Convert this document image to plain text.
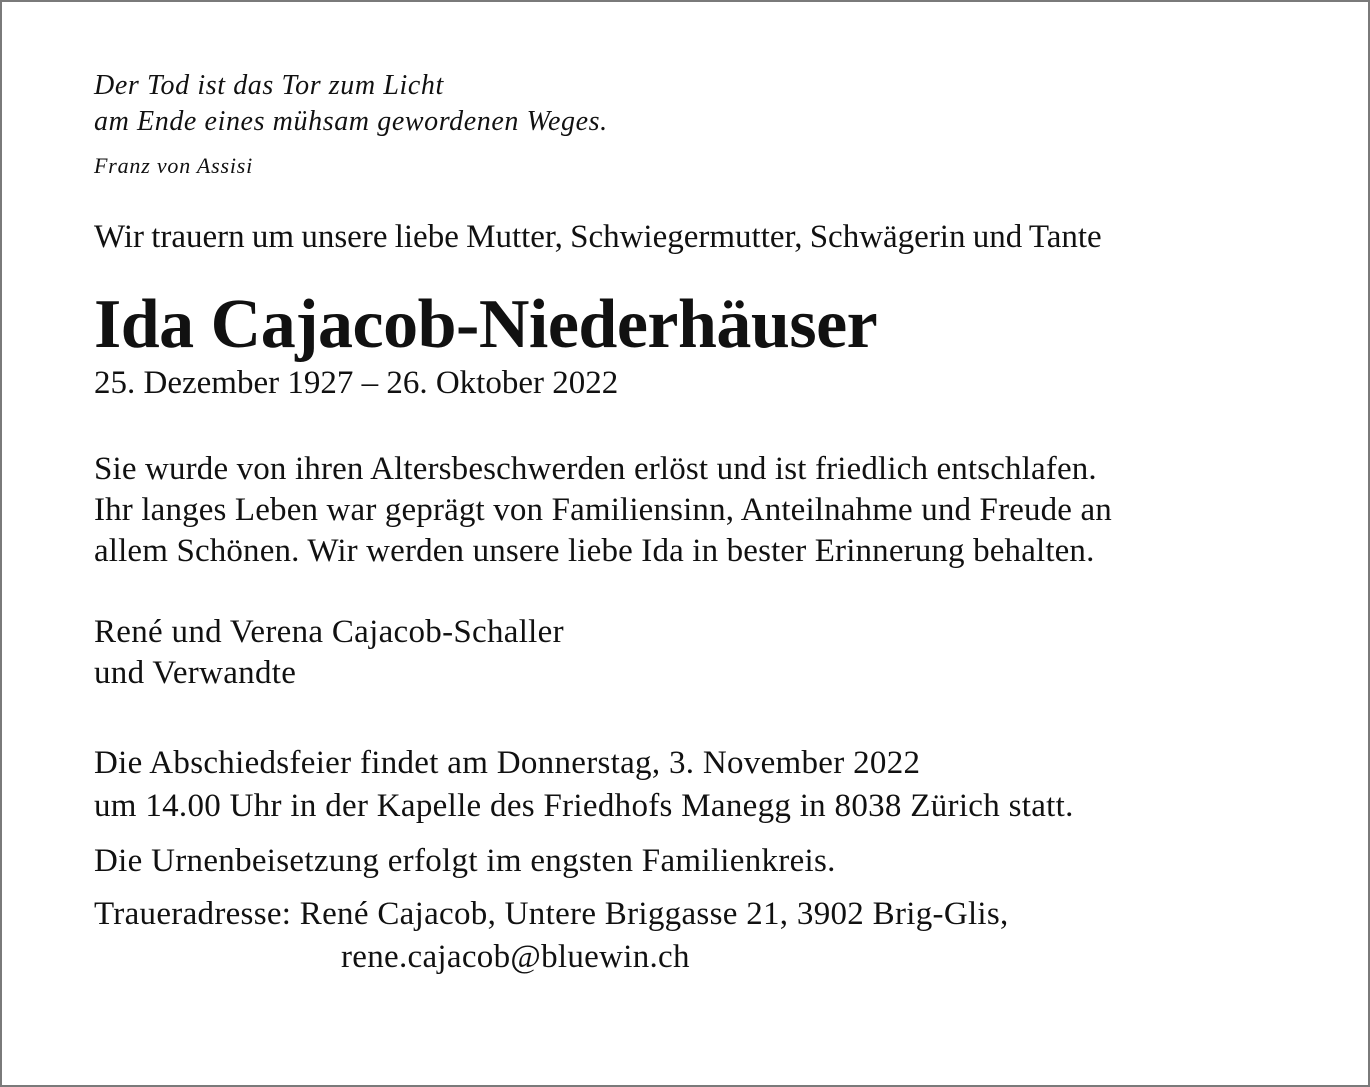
Der Tod ist das Tor zum Licht
am Ende eines mühsam gewordenen Weges.
Franz von Assisi
Wir trauern um unsere liebe Mutter, Schwiegermutter, Schwägerin und Tante
Ida Cajacob-Niederhäuser
25. Dezember 1927 – 26. Oktober 2022
Sie wurde von ihren Altersbeschwerden erlöst und ist friedlich entschlafen.
Ihr langes Leben war geprägt von Familiensinn, Anteilnahme und Freude an
allem Schönen. Wir werden unsere liebe Ida in bester Erinnerung behalten.
René und Verena Cajacob-Schaller
und Verwandte
Die Abschiedsfeier findet am Donnerstag, 3. November 2022
um 14.00 Uhr in der Kapelle des Friedhofs Manegg in 8038 Zürich statt.
Die Urnenbeisetzung erfolgt im engsten Familienkreis.
Traueradresse: René Cajacob, Untere Briggasse 21, 3902 Brig-Glis,
rene.cajacob@bluewin.ch
